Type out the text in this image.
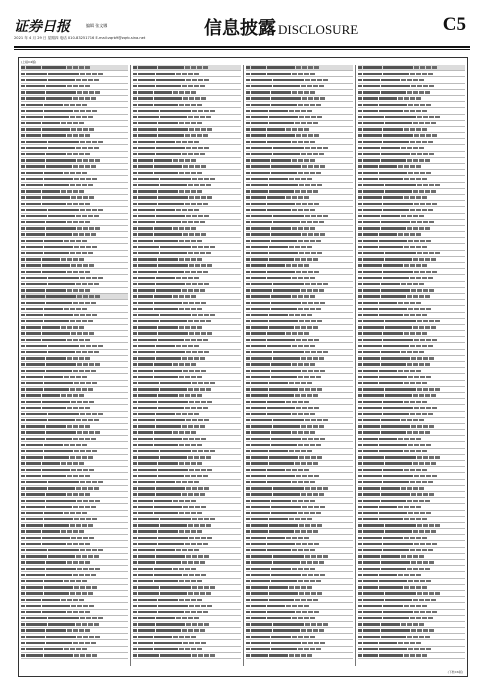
证券日报	编辑 张文娜
2021 年 4 月 29 日 星期四 电话 010-83251716 E-mail:zqrb9@zqrb.sina.net	信息披露 DISCLOSURE	C5
(上接C4版)
(下转C6版)
